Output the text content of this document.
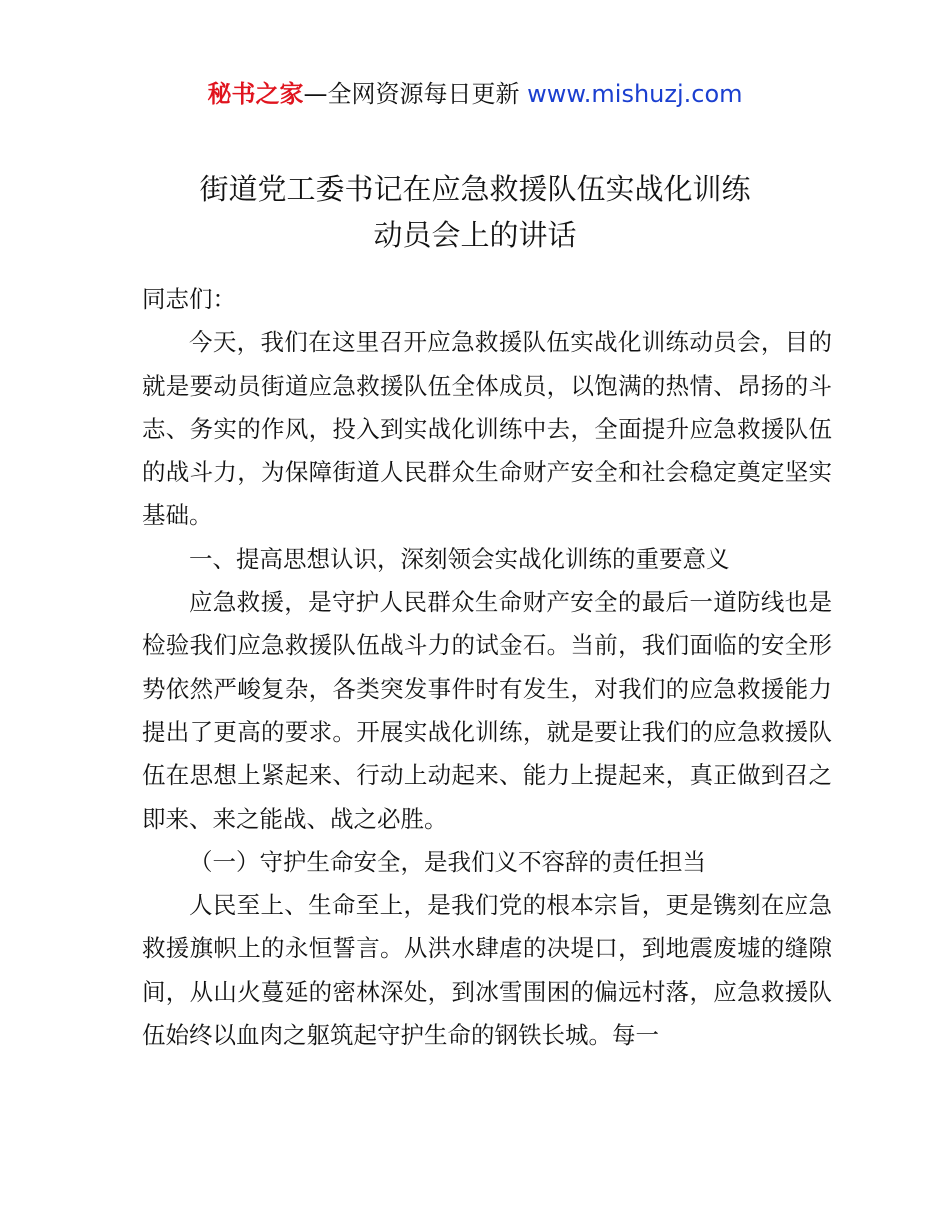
秘书之家—全网资源每日更新 www.mishuzj.com
街道党工委书记在应急救援队伍实战化训练
动员会上的讲话

同志们：

今天，我们在这里召开应急救援队伍实战化训练动员会，目的就是要动员街道应急救援队伍全体成员，以饱满的热情、昂扬的斗志、务实的作风，投入到实战化训练中去，全面提升应急救援队伍的战斗力，为保障街道人民群众生命财产安全和社会稳定奠定坚实基础。

一、提高思想认识，深刻领会实战化训练的重要意义

应急救援，是守护人民群众生命财产安全的最后一道防线也是检验我们应急救援队伍战斗力的试金石。当前，我们面临的安全形势依然严峻复杂，各类突发事件时有发生，对我们的应急救援能力提出了更高的要求。开展实战化训练，就是要让我们的应急救援队伍在思想上紧起来、行动上动起来、能力上提起来，真正做到召之即来、来之能战、战之必胜。

（一）守护生命安全，是我们义不容辞的责任担当

人民至上、生命至上，是我们党的根本宗旨，更是镌刻在应急救援旗帜上的永恒誓言。从洪水肆虐的决堤口，到地震废墟的缝隙间，从山火蔓延的密林深处，到冰雪围困的偏远村落，应急救援队伍始终以血肉之躯筑起守护生命的钢铁长城。每一
